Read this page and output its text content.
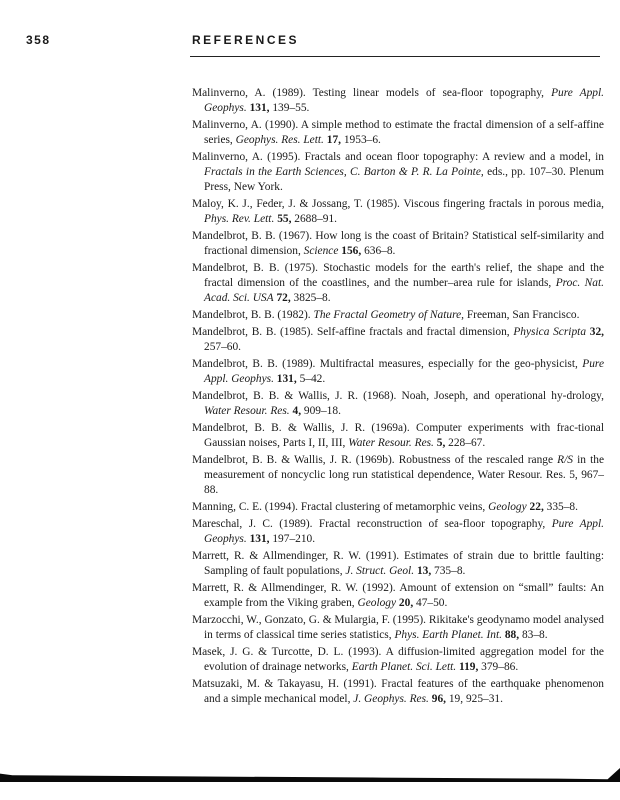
358	REFERENCES
Malinverno, A. (1989). Testing linear models of sea-floor topography, Pure Appl. Geophys. 131, 139–55.
Malinverno, A. (1990). A simple method to estimate the fractal dimension of a self-affine series, Geophys. Res. Lett. 17, 1953–6.
Malinverno, A. (1995). Fractals and ocean floor topography: A review and a model, in Fractals in the Earth Sciences, C. Barton & P. R. La Pointe, eds., pp. 107–30. Plenum Press, New York.
Maloy, K. J., Feder, J. & Jossang, T. (1985). Viscous fingering fractals in porous media, Phys. Rev. Lett. 55, 2688–91.
Mandelbrot, B. B. (1967). How long is the coast of Britain? Statistical self-similarity and fractional dimension, Science 156, 636–8.
Mandelbrot, B. B. (1975). Stochastic models for the earth's relief, the shape and the fractal dimension of the coastlines, and the number–area rule for islands, Proc. Nat. Acad. Sci. USA 72, 3825–8.
Mandelbrot, B. B. (1982). The Fractal Geometry of Nature, Freeman, San Francisco.
Mandelbrot, B. B. (1985). Self-affine fractals and fractal dimension, Physica Scripta 32, 257–60.
Mandelbrot, B. B. (1989). Multifractal measures, especially for the geo-physicist, Pure Appl. Geophys. 131, 5–42.
Mandelbrot, B. B. & Wallis, J. R. (1968). Noah, Joseph, and operational hy-drology, Water Resour. Res. 4, 909–18.
Mandelbrot, B. B. & Wallis, J. R. (1969a). Computer experiments with frac-tional Gaussian noises, Parts I, II, III, Water Resour. Res. 5, 228–67.
Mandelbrot, B. B. & Wallis, J. R. (1969b). Robustness of the rescaled range R/S in the measurement of noncyclic long run statistical dependence, Water Resour. Res. 5, 967–88.
Manning, C. E. (1994). Fractal clustering of metamorphic veins, Geology 22, 335–8.
Mareschal, J. C. (1989). Fractal reconstruction of sea-floor topography, Pure Appl. Geophys. 131, 197–210.
Marrett, R. & Allmendinger, R. W. (1991). Estimates of strain due to brittle faulting: Sampling of fault populations, J. Struct. Geol. 13, 735–8.
Marrett, R. & Allmendinger, R. W. (1992). Amount of extension on “small” faults: An example from the Viking graben, Geology 20, 47–50.
Marzocchi, W., Gonzato, G. & Mulargia, F. (1995). Rikitake's geodynamo model analysed in terms of classical time series statistics, Phys. Earth Planet. Int. 88, 83–8.
Masek, J. G. & Turcotte, D. L. (1993). A diffusion-limited aggregation model for the evolution of drainage networks, Earth Planet. Sci. Lett. 119, 379–86.
Matsuzaki, M. & Takayasu, H. (1991). Fractal features of the earthquake phenomenon and a simple mechanical model, J. Geophys. Res. 96, 19, 925–31.
